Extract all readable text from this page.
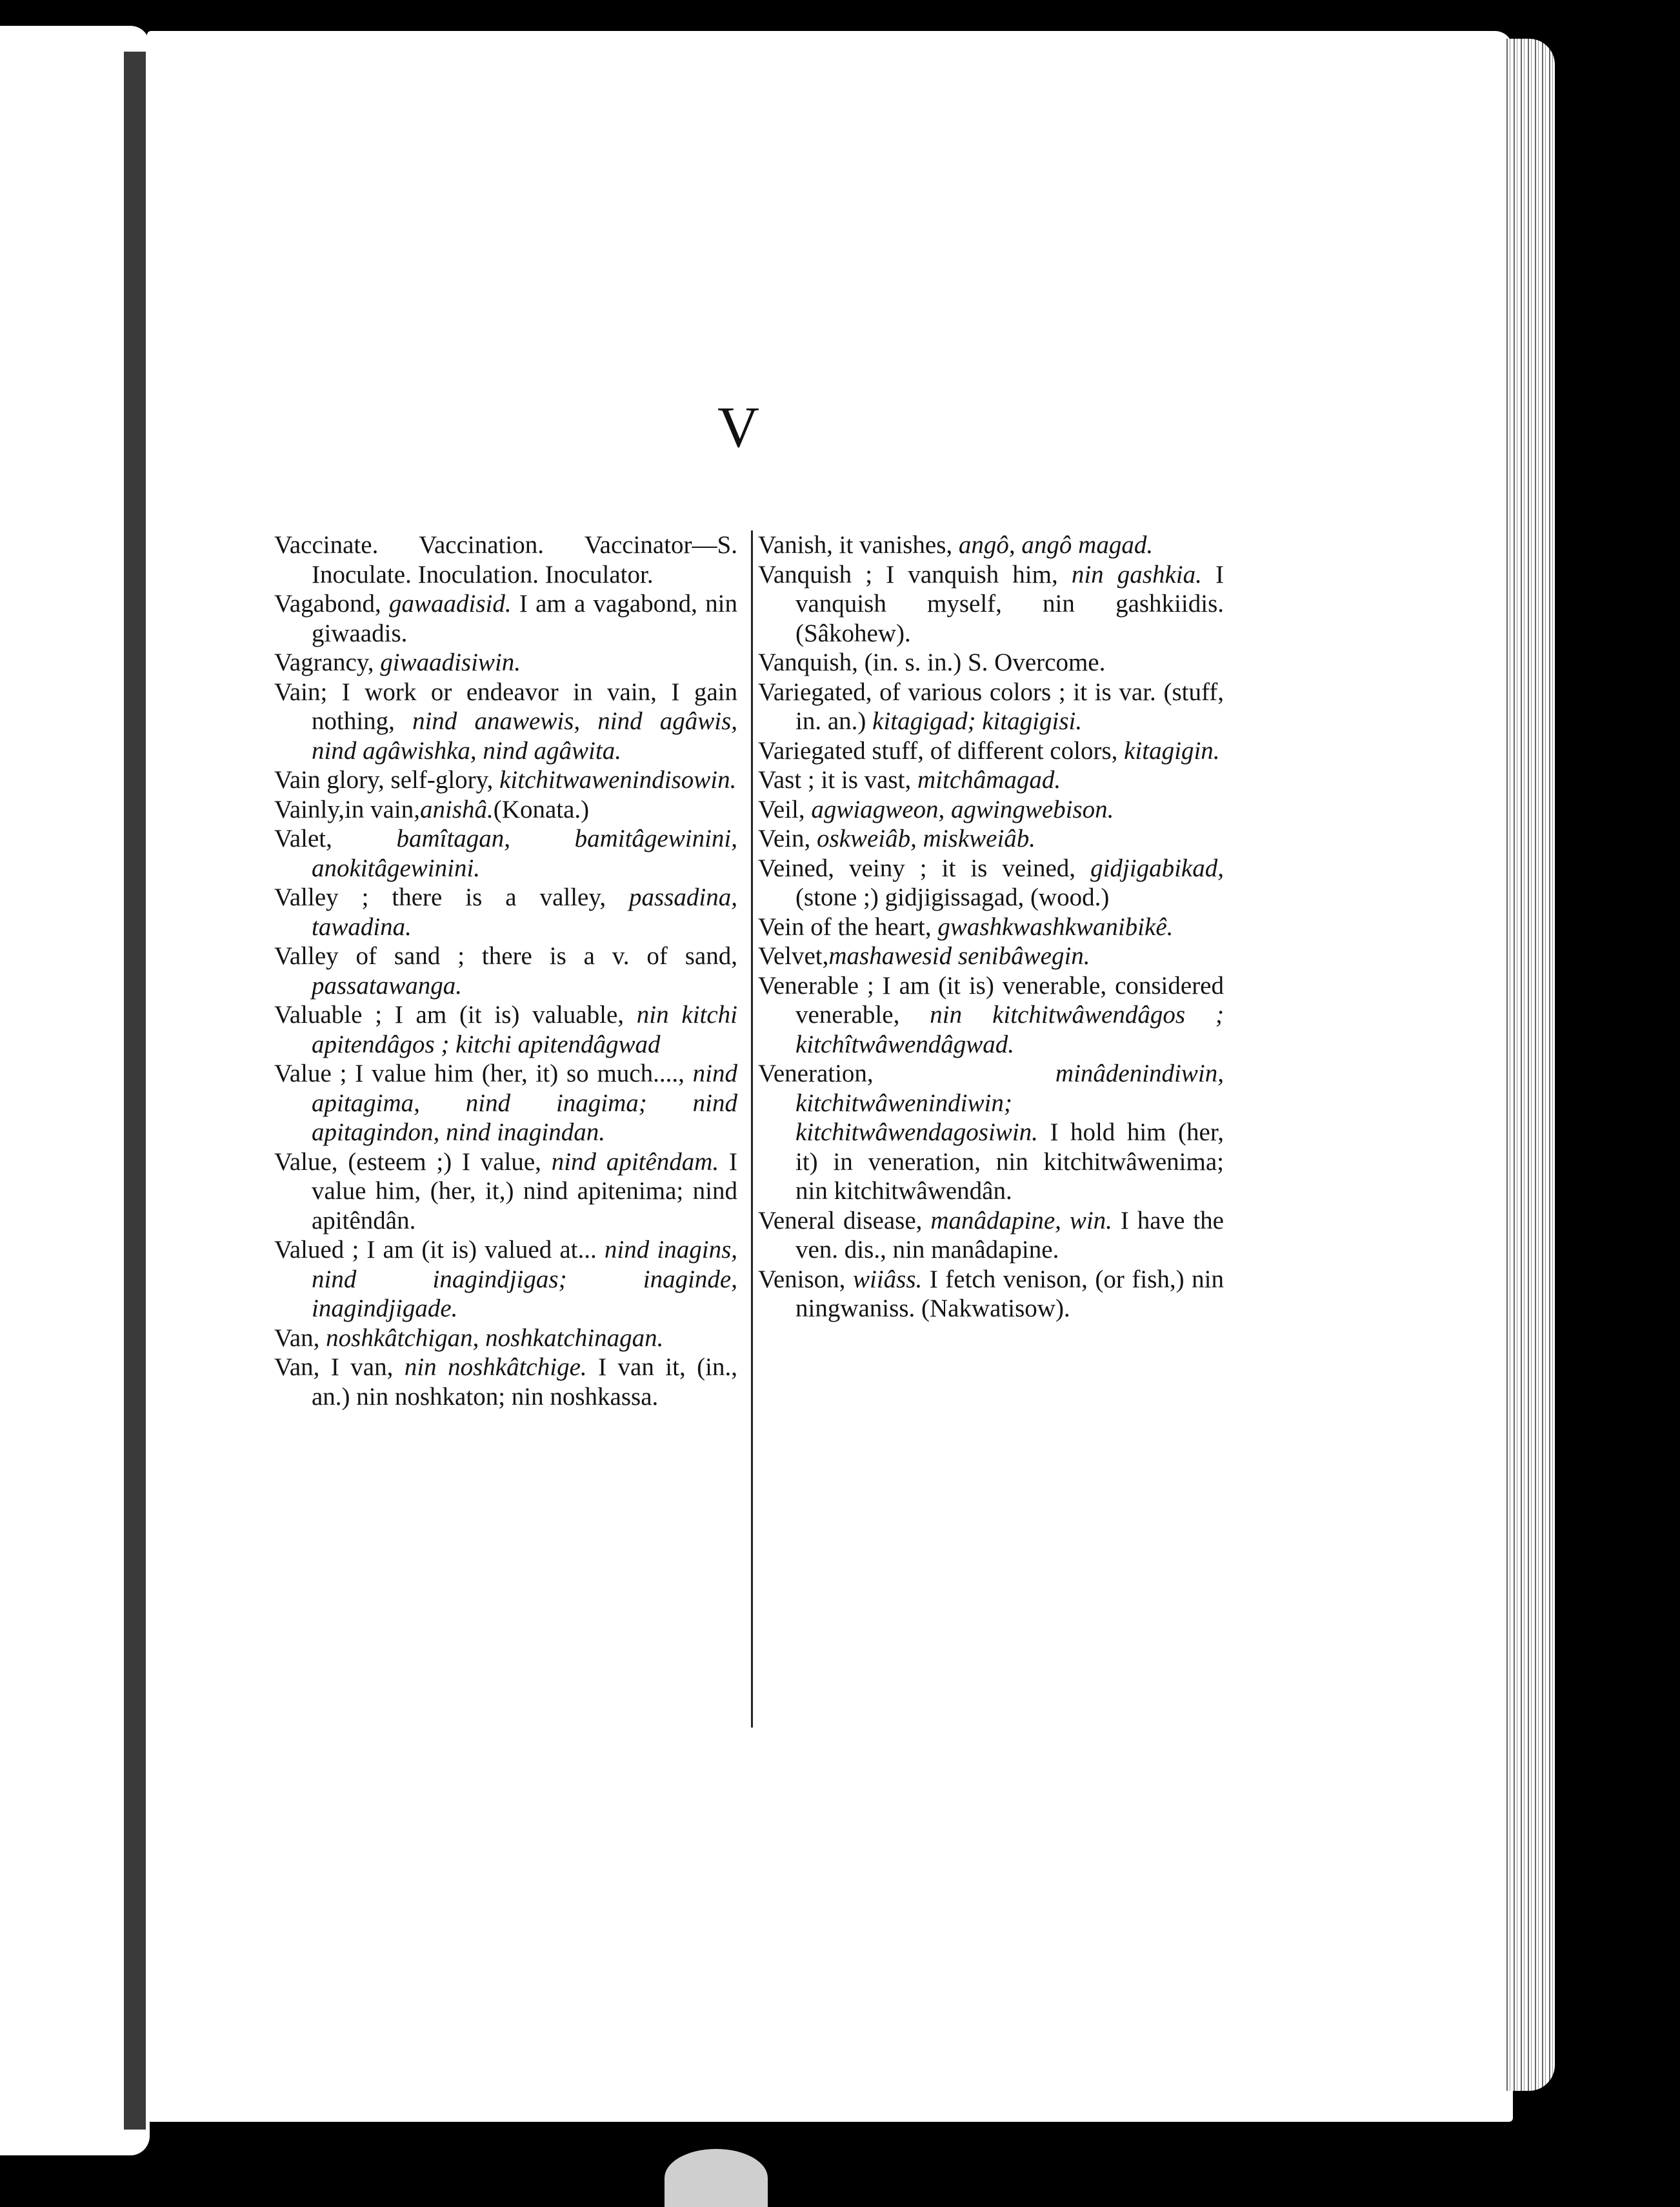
V

Vaccinate. Vaccination. Vaccinator—S. Inoculate. Inoculation. Inoculator.

Vagabond, gawaadisid. I am a vagabond, nin giwaadis.

Vagrancy, giwaadisiwin.

Vain; I work or endeavor in vain, I gain nothing, nind anawewis, nind agâwis, nind agâwishka, nind agâwita.

Vain glory, self-glory, kitchitwawenindisowin.

Vainly,in vain,anishâ.(Konata.)

Valet, bamîtagan, bamitâgewinini, anokitâgewinini.

Valley ; there is a valley, passadina, tawadina.

Valley of sand ; there is a v. of sand, passatawanga.

Valuable ; I am (it is) valuable, nin kitchi apitendâgos ; kitchi apitendâgwad

Value ; I value him (her, it) so much...., nind apitagima, nind inagima; nind apitagindon, nind inagindan.

Value, (esteem ;) I value, nind apitêndam. I value him, (her, it,) nind apitenima; nind apitêndân.

Valued ; I am (it is) valued at... nind inagins, nind inagindjigas; inaginde, inagindjigade.

Van, noshkâtchigan, noshkatchinagan.

Van, I van, nin noshkâtchige. I van it, (in., an.) nin noshkaton; nin noshkassa.

Vanish, it vanishes, angô, angô magad.

Vanquish ; I vanquish him, nin gashkia. I vanquish myself, nin gashkiidis. (Sâkohew).

Vanquish, (in. s. in.) S. Overcome.

Variegated, of various colors ; it is var. (stuff, in. an.) kitagigad; kitagigisi.

Variegated stuff, of different colors, kitagigin.

Vast ; it is vast, mitchâmagad.

Veil, agwiagweon, agwingwebison.

Vein, oskweiâb, miskweiâb.

Veined, veiny ; it is veined, gidjigabikad, (stone ;) gidjigissagad, (wood.)

Vein of the heart, gwashkwashkwanibikê.

Velvet,mashawesid senibâwegin.

Venerable ; I am (it is) venerable, considered venerable, nin kitchitwâwendâgos ; kitchîtwâwendâgwad.

Veneration, minâdenindiwin, kitchitwâwenindiwin; kitchitwâwendagosiwin. I hold him (her, it) in veneration, nin kitchitwâwenima; nin kitchitwâwendân.

Veneral disease, manâdapine, win. I have the ven. dis., nin manâdapine.

Venison, wiiâss. I fetch venison, (or fish,) nin ningwaniss. (Nakwatisow).
